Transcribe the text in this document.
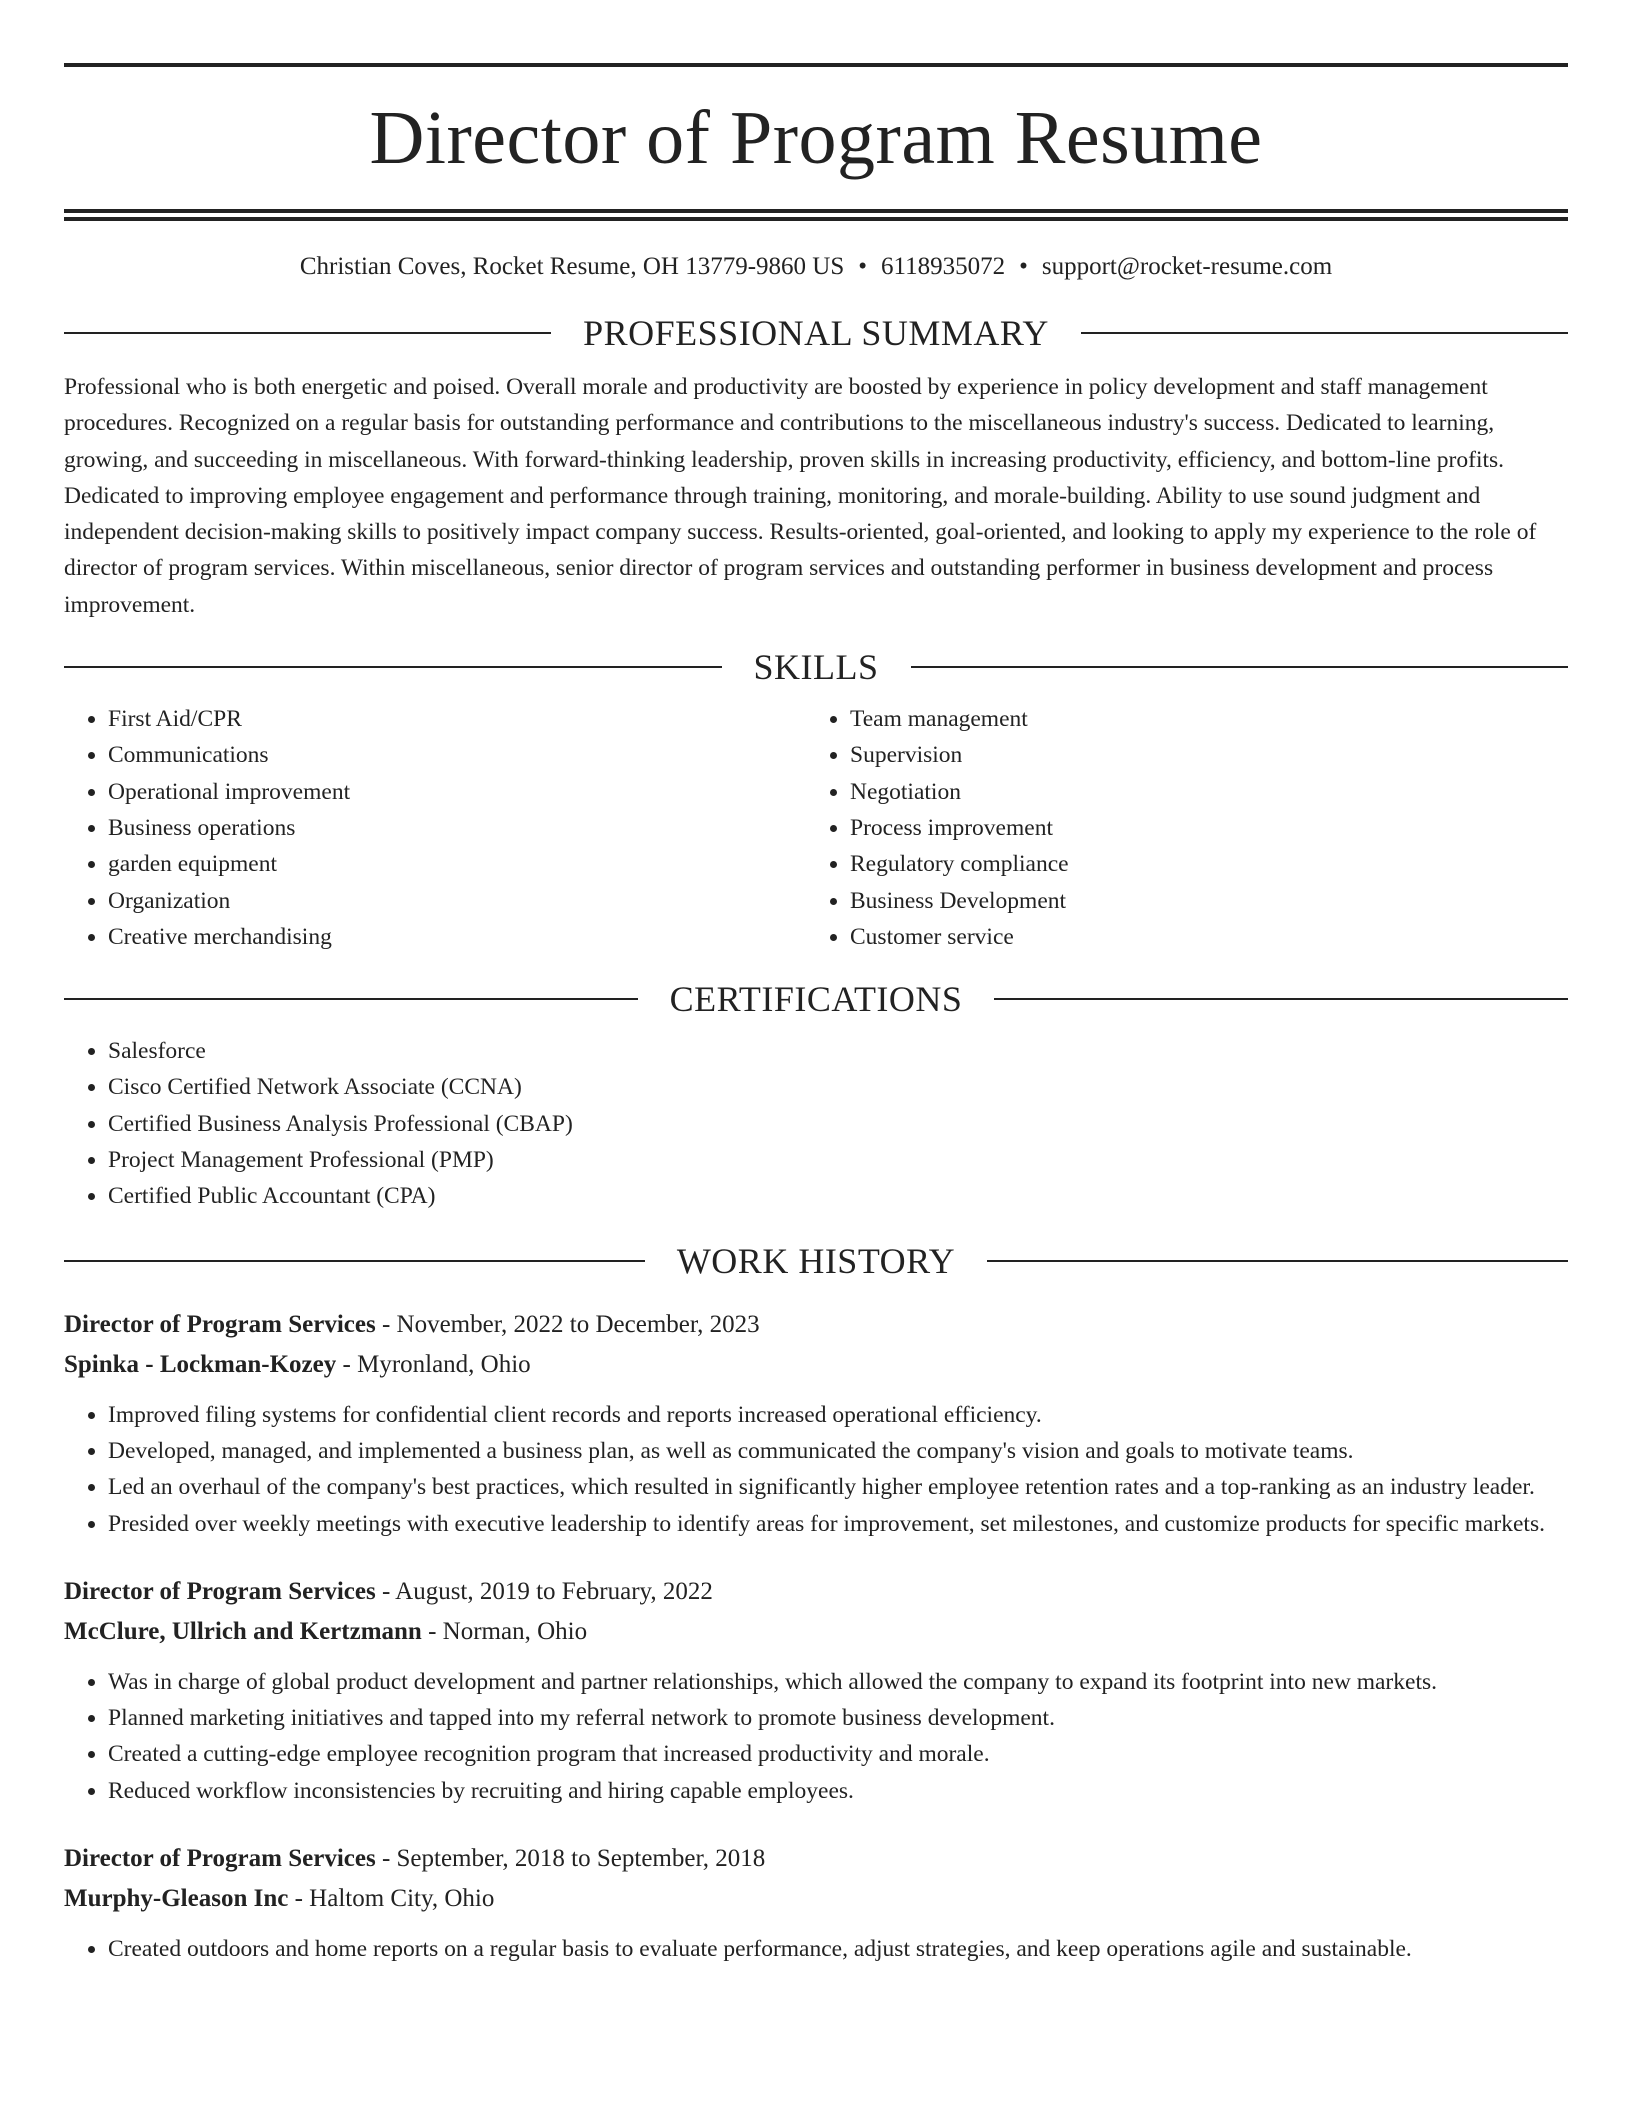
Director of Program Resume
Christian Coves, Rocket Resume, OH 13779-9860 US • 6118935072 • support@rocket-resume.com
PROFESSIONAL SUMMARY

Professional who is both energetic and poised. Overall morale and productivity are boosted by experience in policy development and staff management procedures. Recognized on a regular basis for outstanding performance and contributions to the miscellaneous industry's success. Dedicated to learning, growing, and succeeding in miscellaneous. With forward-thinking leadership, proven skills in increasing productivity, efficiency, and bottom-line profits. Dedicated to improving employee engagement and performance through training, monitoring, and morale-building. Ability to use sound judgment and independent decision-making skills to positively impact company success. Results-oriented, goal-oriented, and looking to apply my experience to the role of director of program services. Within miscellaneous, senior director of program services and outstanding performer in business development and process improvement.

SKILLS
• First Aid/CPR
• Communications
• Operational improvement
• Business operations
• garden equipment
• Organization
• Creative merchandising
• Team management
• Supervision
• Negotiation
• Process improvement
• Regulatory compliance
• Business Development
• Customer service
CERTIFICATIONS
• Salesforce
• Cisco Certified Network Associate (CCNA)
• Certified Business Analysis Professional (CBAP)
• Project Management Professional (PMP)
• Certified Public Accountant (CPA)
WORK HISTORY
Director of Program Services - November, 2022 to December, 2023
Spinka - Lockman-Kozey - Myronland, Ohio
• Improved filing systems for confidential client records and reports increased operational efficiency.
• Developed, managed, and implemented a business plan, as well as communicated the company's vision and goals to motivate teams.
• Led an overhaul of the company's best practices, which resulted in significantly higher employee retention rates and a top-ranking as an industry leader.
• Presided over weekly meetings with executive leadership to identify areas for improvement, set milestones, and customize products for specific markets.
Director of Program Services - August, 2019 to February, 2022
McClure, Ullrich and Kertzmann - Norman, Ohio
• Was in charge of global product development and partner relationships, which allowed the company to expand its footprint into new markets.
• Planned marketing initiatives and tapped into my referral network to promote business development.
• Created a cutting-edge employee recognition program that increased productivity and morale.
• Reduced workflow inconsistencies by recruiting and hiring capable employees.
Director of Program Services - September, 2018 to September, 2018
Murphy-Gleason Inc - Haltom City, Ohio
• Created outdoors and home reports on a regular basis to evaluate performance, adjust strategies, and keep operations agile and sustainable.
